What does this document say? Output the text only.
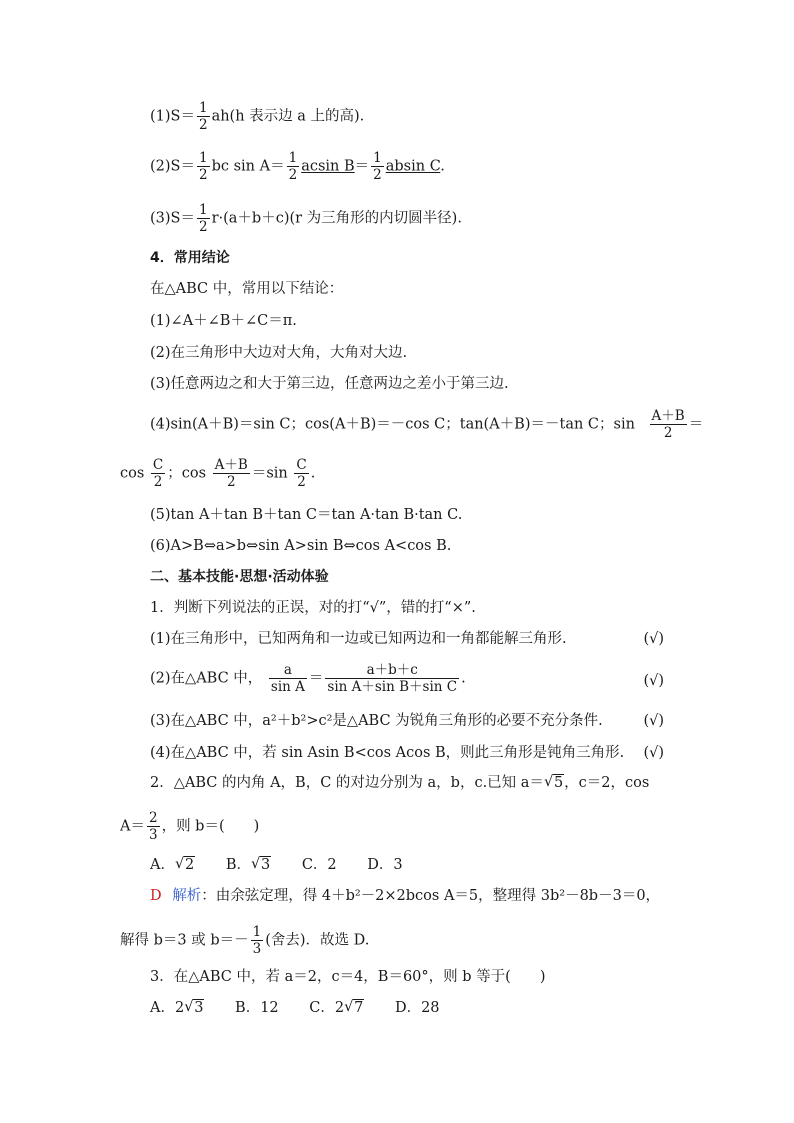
$(1)S= \frac{1}{2} ah(h$ 表示边 a 上的高).
$(2)S= \frac{1}{2}$ bc $\sin A= \frac{1}{2}$ acsin $B= \frac{1}{2}$ absin C.
$(3)S= \frac{1}{2} r\cdot(a+b+c)(r$ 为三角形的内切圆半径).
4．常用结论
在△ABC 中，常用以下结论：
(1)∠A＋∠B＋∠C＝π.
(2)在三角形中大边对大角，大角对大边.
(3)任意两边之和大于第三边，任意两边之差小于第三边.
(4)sin(A＋B)＝sin C；cos(A＋B)＝－cos C；tan(A＋B)＝－tan C；$\sin \frac{A+B}{2}$ ＝
$\cos \frac{C}{2}$ ；$\cos \frac{A+B}{2} =\sin \frac{C}{2}$ .
(5)tan A＋tan B＋tan C＝tan A·tan B·tan C.
(6)A>B⇔a>b⇔sin A>sin B⇔cos A<cos B.
二、基本技能·思想·活动体验
1．判断下列说法的正误，对的打“√”，错的打“×”.
(1)在三角形中，已知两角和一边或已知两边和一角都能解三角形.	(√)
(2)在△ABC 中， $\frac{a}{\text{sin A}} = \frac{a+b+c}{\text{sin A＋sin B＋sin C}}$ .	(√)
(3)在△ABC 中，a²＋b²>c²是△ABC 为锐角三角形的必要不充分条件.	(√)
(4)在△ABC 中，若 sin Asin B<cos Acos B，则此三角形是钝角三角形. (√)
2．△ABC 的内角 A，B，C 的对边分别为 a，b，c.已知 a＝ √ 5，c＝2，cos
$A= \frac{2}{3}$ ，则 b＝(　　)
A． √ 2 B． √ 3 C．2 D．3
D 解析：由余弦定理，得 4＋b²－2×2bcos A＝5，整理得 3b²－8b－3＝0，
解得 b＝3 或 $b=- \frac{1}{3}$ (舍去)．故选 D.
3．在△ABC 中，若 a＝2，c＝4，B＝60°，则 b 等于(　　)
A．2 √ 3 B．12 C．2 √ 7 D．28
